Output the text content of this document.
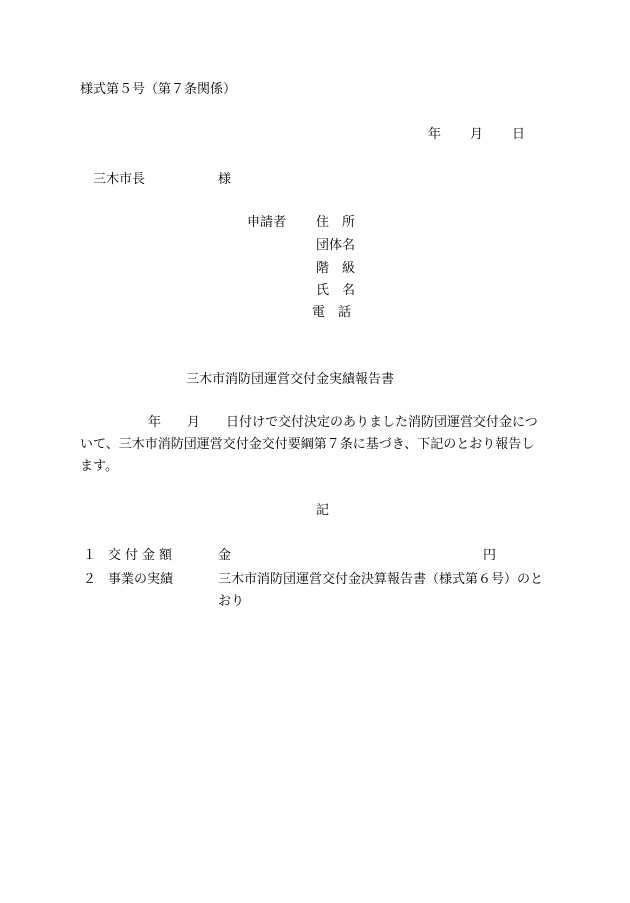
様式第５号（第７条関係）
年 月 日
三木市長	様
申請者 住　所
団体名
階　級
氏　名
電　話
三木市消防団運営交付金実績報告書
年　　月　　日付けで交付決定のありました消防団運営交付金につ
いて、三木市消防団運営交付金交付要綱第７条に基づき、下記のとおり報告し
ます。
記
１ 交付金額	金	円
２ 事業の実績	三木市消防団運営交付金決算報告書（様式第６号）のと
おり
